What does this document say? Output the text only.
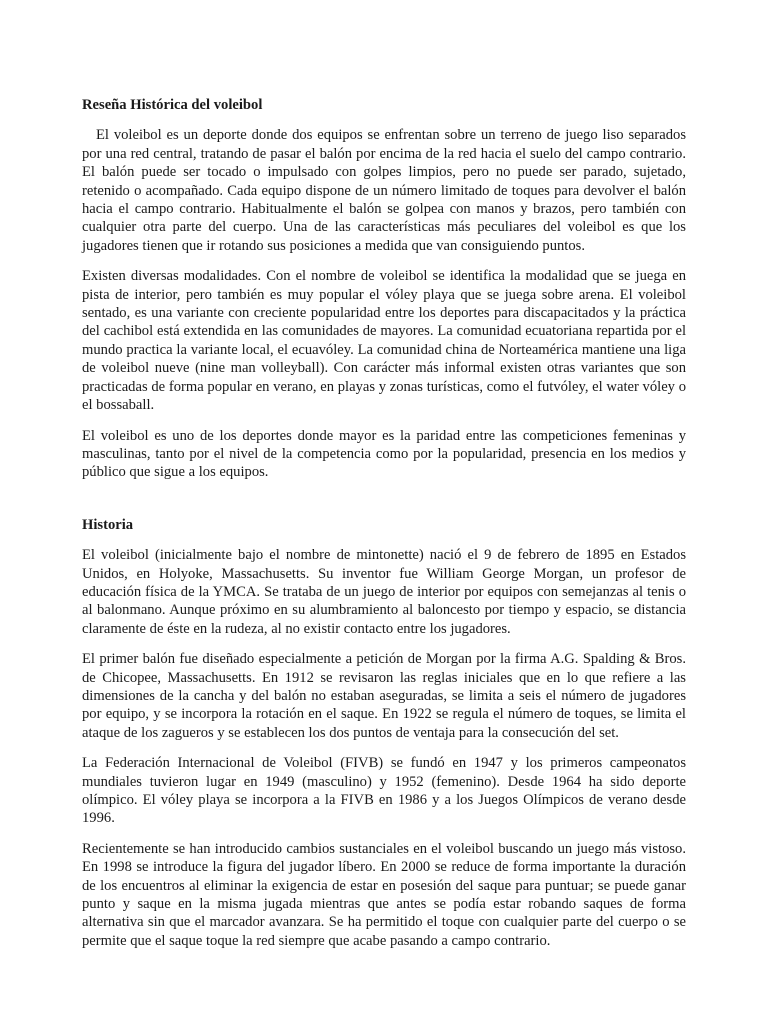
Reseña Histórica del voleibol

El voleibol es un deporte donde dos equipos se enfrentan sobre un terreno de juego liso separados por una red central, tratando de pasar el balón por encima de la red hacia el suelo del campo contrario. El balón puede ser tocado o impulsado con golpes limpios, pero no puede ser parado, sujetado, retenido o acompañado. Cada equipo dispone de un número limitado de toques para devolver el balón hacia el campo contrario. Habitualmente el balón se golpea con manos y brazos, pero también con cualquier otra parte del cuerpo. Una de las características más peculiares del voleibol es que los jugadores tienen que ir rotando sus posiciones a medida que van consiguiendo puntos.

Existen diversas modalidades. Con el nombre de voleibol se identifica la modalidad que se juega en pista de interior, pero también es muy popular el vóley playa que se juega sobre arena. El voleibol sentado, es una variante con creciente popularidad entre los deportes para discapacitados y la práctica del cachibol está extendida en las comunidades de mayores. La comunidad ecuatoriana repartida por el mundo practica la variante local, el ecuavóley. La comunidad china de Norteamérica mantiene una liga de voleibol nueve (nine man volleyball). Con carácter más informal existen otras variantes que son practicadas de forma popular en verano, en playas y zonas turísticas, como el futvóley, el water vóley o el bossaball.

El voleibol es uno de los deportes donde mayor es la paridad entre las competiciones femeninas y masculinas, tanto por el nivel de la competencia como por la popularidad, presencia en los medios y público que sigue a los equipos.

Historia

El voleibol (inicialmente bajo el nombre de mintonette) nació el 9 de febrero de 1895 en Estados Unidos, en Holyoke, Massachusetts. Su inventor fue William George Morgan, un profesor de educación física de la YMCA. Se trataba de un juego de interior por equipos con semejanzas al tenis o al balonmano. Aunque próximo en su alumbramiento al baloncesto por tiempo y espacio, se distancia claramente de éste en la rudeza, al no existir contacto entre los jugadores.

El primer balón fue diseñado especialmente a petición de Morgan por la firma A.G. Spalding & Bros. de Chicopee, Massachusetts. En 1912 se revisaron las reglas iniciales que en lo que refiere a las dimensiones de la cancha y del balón no estaban aseguradas, se limita a seis el número de jugadores por equipo, y se incorpora la rotación en el saque. En 1922 se regula el número de toques, se limita el ataque de los zagueros y se establecen los dos puntos de ventaja para la consecución del set.

La Federación Internacional de Voleibol (FIVB) se fundó en 1947 y los primeros campeonatos mundiales tuvieron lugar en 1949 (masculino) y 1952 (femenino). Desde 1964 ha sido deporte olímpico. El vóley playa se incorpora a la FIVB en 1986 y a los Juegos Olímpicos de verano desde 1996.

Recientemente se han introducido cambios sustanciales en el voleibol buscando un juego más vistoso. En 1998 se introduce la figura del jugador líbero. En 2000 se reduce de forma importante la duración de los encuentros al eliminar la exigencia de estar en posesión del saque para puntuar; se puede ganar punto y saque en la misma jugada mientras que antes se podía estar robando saques de forma alternativa sin que el marcador avanzara. Se ha permitido el toque con cualquier parte del cuerpo o se permite que el saque toque la red siempre que acabe pasando a campo contrario.
